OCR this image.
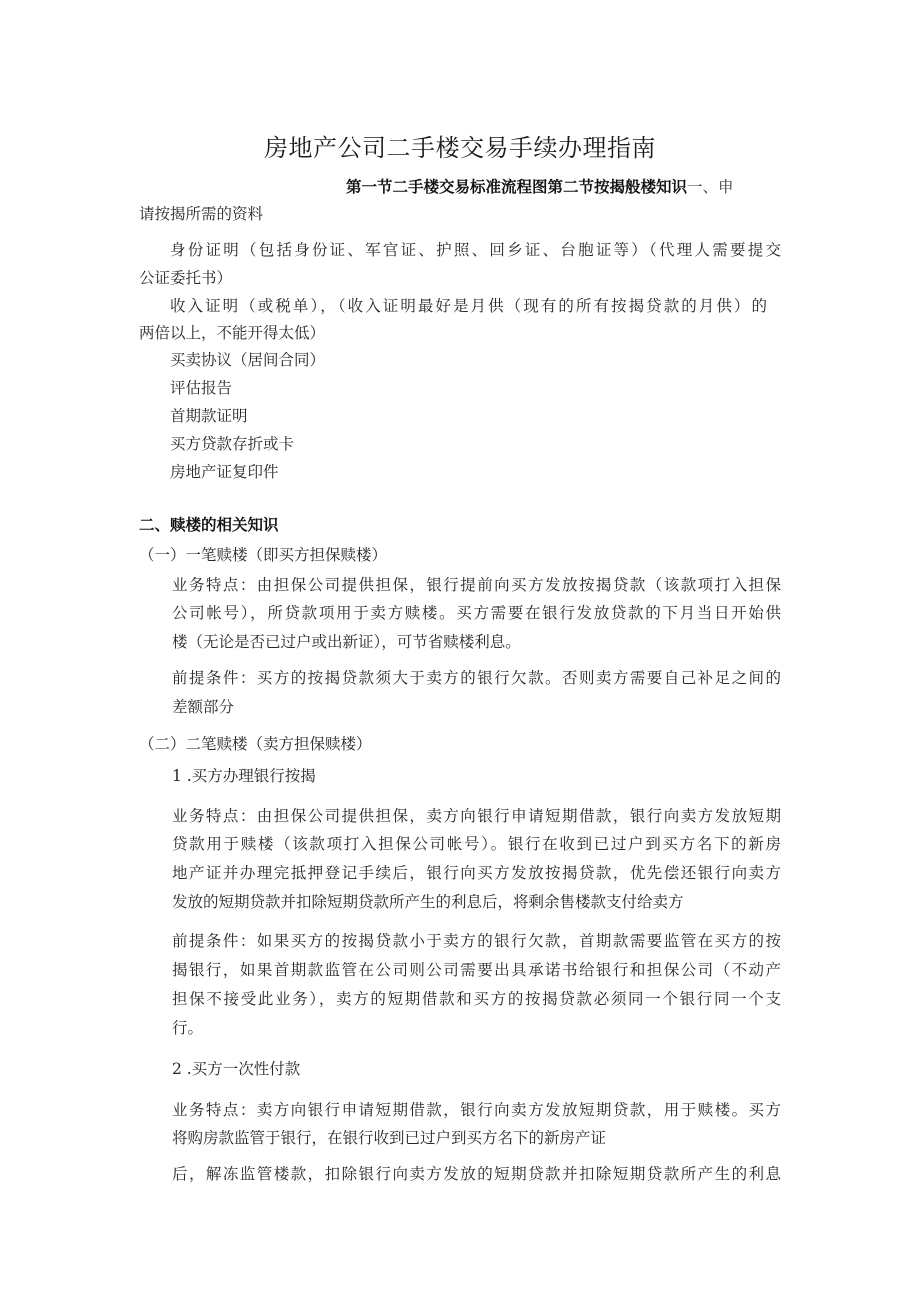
房地产公司二手楼交易手续办理指南
第一节二手楼交易标准流程图第二节按揭般楼知识一、申
请按揭所需的资料
身份证明（包括身份证、军官证、护照、回乡证、台胞证等）（代理人需要提交
公证委托书）
收入证明（或税单），（收入证明最好是月供（现有的所有按揭贷款的月供）的
两倍以上，不能开得太低）
买卖协议（居间合同）
评估报告
首期款证明
买方贷款存折或卡
房地产证复印件
二、赎楼的相关知识
（一）一笔赎楼（即买方担保赎楼）
业务特点：由担保公司提供担保，银行提前向买方发放按揭贷款（该款项打入担保
公司帐号），所贷款项用于卖方赎楼。买方需要在银行发放贷款的下月当日开始供
楼（无论是否已过户或出新证），可节省赎楼利息。
前提条件：买方的按揭贷款须大于卖方的银行欠款。否则卖方需要自己补足之间的
差额部分
（二）二笔赎楼（卖方担保赎楼）
1 .买方办理银行按揭
业务特点：由担保公司提供担保，卖方向银行申请短期借款，银行向卖方发放短期
贷款用于赎楼（该款项打入担保公司帐号）。银行在收到已过户到买方名下的新房
地产证并办理完抵押登记手续后，银行向买方发放按揭贷款，优先偿还银行向卖方
发放的短期贷款并扣除短期贷款所产生的利息后，将剩余售楼款支付给卖方
前提条件：如果买方的按揭贷款小于卖方的银行欠款，首期款需要监管在买方的按
揭银行，如果首期款监管在公司则公司需要出具承诺书给银行和担保公司（不动产
担保不接受此业务），卖方的短期借款和买方的按揭贷款必须同一个银行同一个支
行。
2 .买方一次性付款
业务特点：卖方向银行申请短期借款，银行向卖方发放短期贷款，用于赎楼。买方
将购房款监管于银行，在银行收到已过户到买方名下的新房产证
后，解冻监管楼款，扣除银行向卖方发放的短期贷款并扣除短期贷款所产生的利息
